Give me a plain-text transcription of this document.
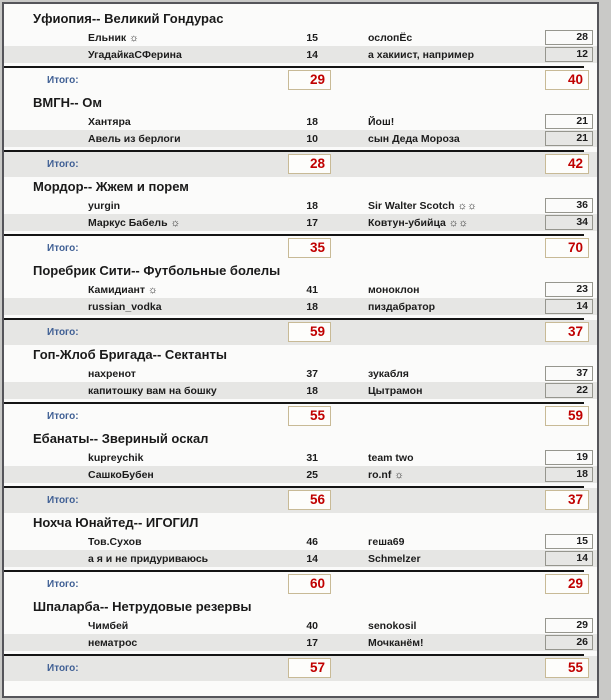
Уфиопия-- Великий Гондурас
Ельник ☼	15	ослопЁс	28
УгадайкаСФерина	14	а хакиист, например	12
Итого:	29	40
ВМГН-- Ом
Хантяра	18	Йош!	21
Авель из берлоги	10	сын Деда Мороза	21
Итого:	28	42
Мордор-- Жжем и порем
yurgin	18	Sir Walter Scotch ☼☼	36
Маркус Бабель ☼	17	Ковтун-убийца ☼☼	34
Итого:	35	70
Поребрик Сити-- Футбольные болелы
Камидиант ☼	41	моноклон	23
russian_vodka	18	пиздабратор	14
Итого:	59	37
Гоп-Жлоб Бригада-- Сектанты
нахренот	37	зукабля	37
капитошку вам на бошку	18	Цытрамон	22
Итого:	55	59
Ебанаты-- Звериный оскал
kupreychik	31	team two	19
СашкоБубен	25	ro.nf ☼	18
Итого:	56	37
Нохча Юнайтед-- ИГОГИЛ
Тов.Сухов	46	геша69	15
а я и не придуриваюсь	14	Schmelzer	14
Итого:	60	29
Шпаларба-- Нетрудовые резервы
Чимбей	40	senokosil	29
нематрос	17	Мочканём!	26
Итого:	57	55
